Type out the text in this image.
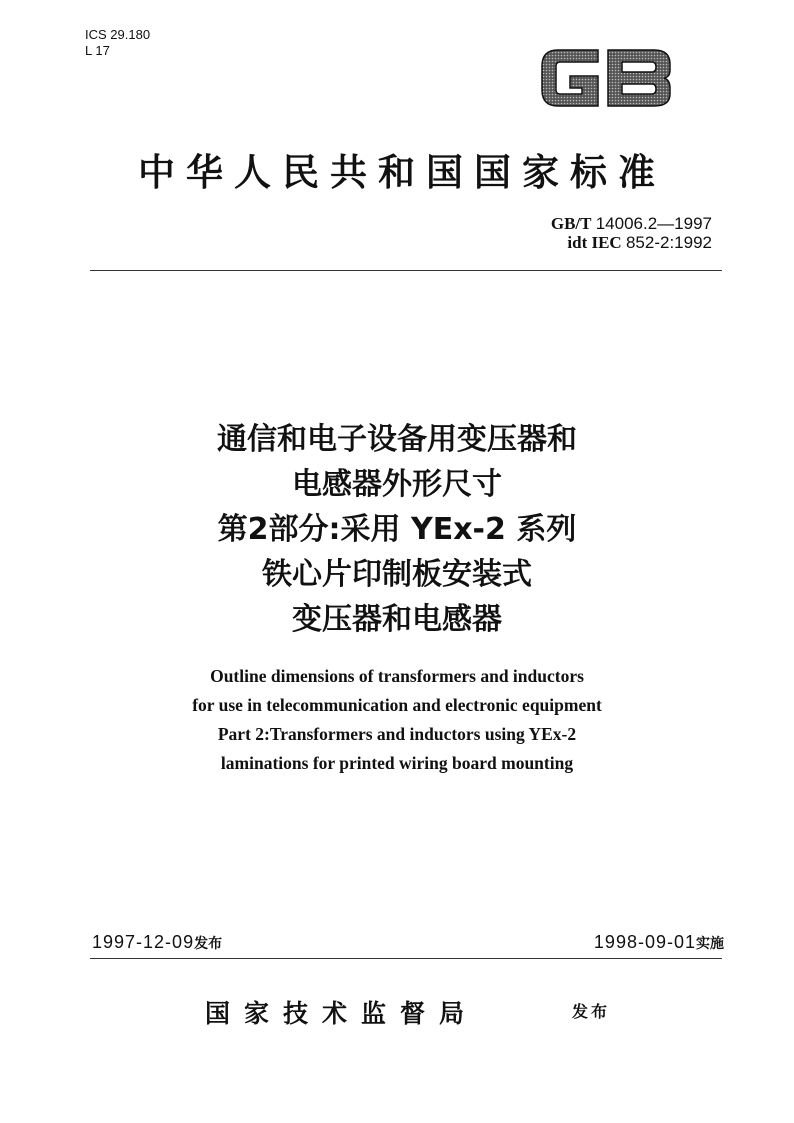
ICS 29.180
L 17
GB
中华人民共和国国家标准
GB/T 14006.2—1997
idt IEC 852-2:1992
通信和电子设备用变压器和
电感器外形尺寸
第2部分:采用 YEx-2 系列
铁心片印制板安装式
变压器和电感器
Outline dimensions of transformers and inductors
for use in telecommunication and electronic equipment
Part 2:Transformers and inductors using YEx-2
laminations for printed wiring board mounting
1997-12-09发布	1998-09-01实施
国家技术监督局	发布
